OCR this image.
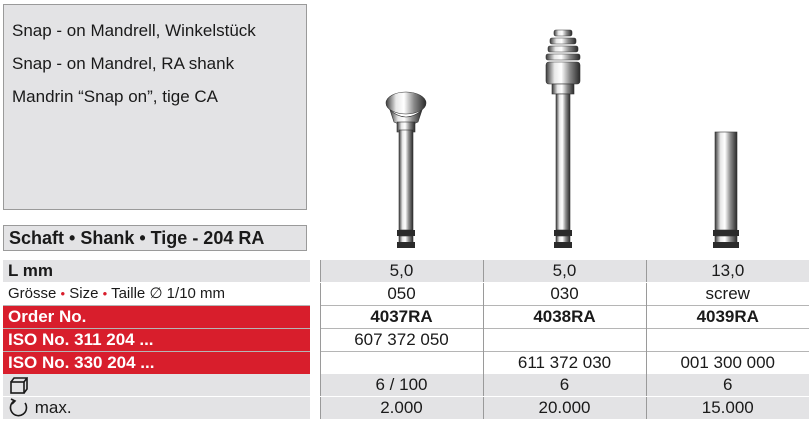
Snap - on Mandrell, Winkelstück
Snap - on Mandrel, RA shank
Mandrin “Snap on”, tige CA
Schaft • Shank • Tige - 204 RA
L mm		5,0	5,0	13,0
Grösse • Size • Taille ∅ 1/10 mm		050	030	screw
Order No.		4037RA	4038RA	4039RA
ISO No. 311 204 ...		607 372 050		
ISO No. 330 204 ...			611 372 030	001 300 000
		6 / 100	6	6
max.		2.000	20.000	15.000
